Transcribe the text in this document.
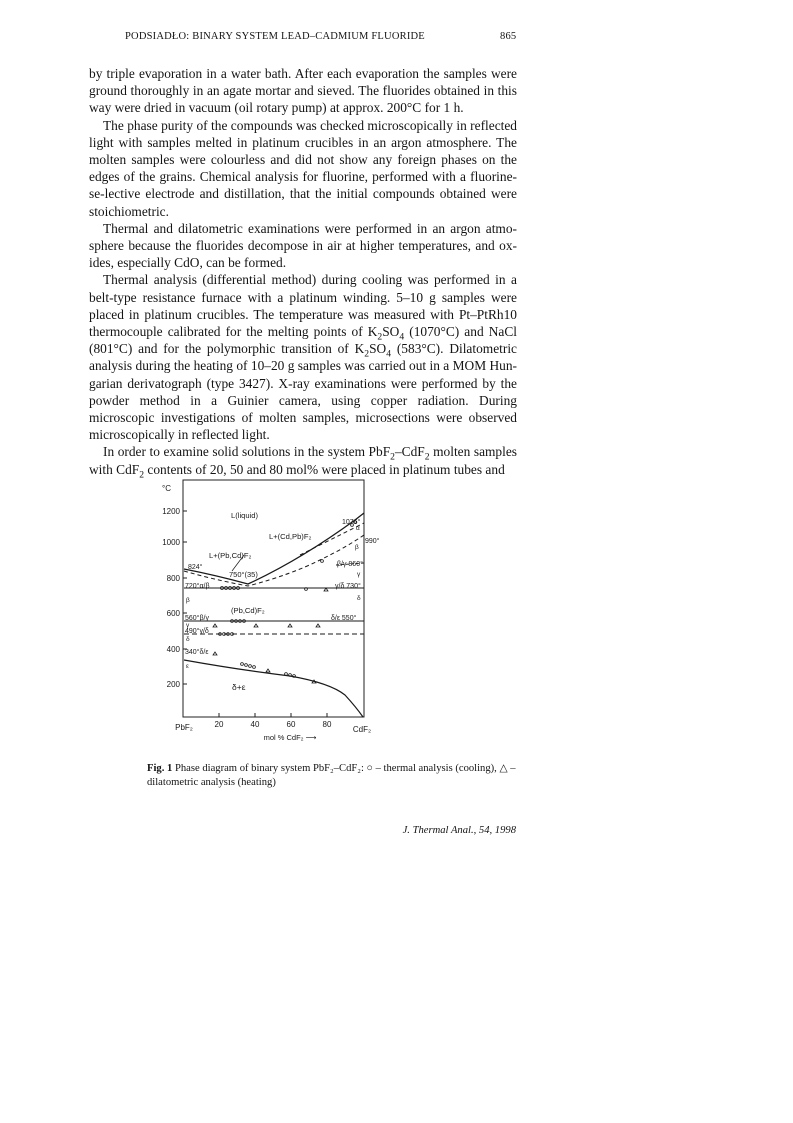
PODSIADŁO: BINARY SYSTEM LEAD–CADMIUM FLUORIDE	865

by triple evaporation in a water bath. After each evaporation the samples were ground thoroughly in an agate mortar and sieved. The fluorides obtained in this way were dried in vacuum (oil rotary pump) at approx. 200°C for 1 h.

The phase purity of the compounds was checked microscopically in reflected light with samples melted in platinum crucibles in an argon atmosphere. The molten samples were colourless and did not show any foreign phases on the edges of the grains. Chemical analysis for fluorine, performed with a fluorine-se-lective electrode and distillation, that the initial compounds obtained were stoichiometric.

Thermal and dilatometric examinations were performed in an argon atmo-sphere because the fluorides decompose in air at higher temperatures, and ox-ides, especially CdO, can be formed.

Thermal analysis (differential method) during cooling was performed in a belt-type resistance furnace with a platinum winding. 5–10 g samples were placed in platinum crucibles. The temperature was measured with Pt–PtRh10 thermocouple calibrated for the melting points of $K_2SO_4$ (1070°C) and NaCl (801°C) and for the polymorphic transition of $K_2SO_4$ (583°C). Dilatometric analysis during the heating of 10–20 g samples was carried out in a MOM Hun-garian derivatograph (type 3427). X-ray examinations were performed by the powder method in a Guinier camera, using copper radiation. During microscopic investigations of molten samples, microsections were observed microscopically in reflected light.

In order to examine solid solutions in the system PbF$_2$–CdF$_2$ molten samples with CdF$_2$ contents of 20, 50 and 80 mol% were placed in platinum tubes and

°C
1200
1000
800
600
400
200
20	40	60	80
PbF₂	CdF₂
mol % CdF₂ ⟶
L(liquid)
L+(Cd,Pb)F₂
L+(Pb,Cd)F₂
(Pb,Cd)F₂
δ+ε
1076°
990°
824°
750°(35)
β/γ 860°
γ/δ 730°
720°α/β
δ/ε 550°
560°β/γ
490°γ/δ
340°δ/ε
α
β
γ
δ
β
γ
δ
ε
Fig. 1 Phase diagram of binary system PbF₂–CdF₂: ○ – thermal analysis (cooling), △ – dilatometric analysis (heating)
J. Thermal Anal., 54, 1998
